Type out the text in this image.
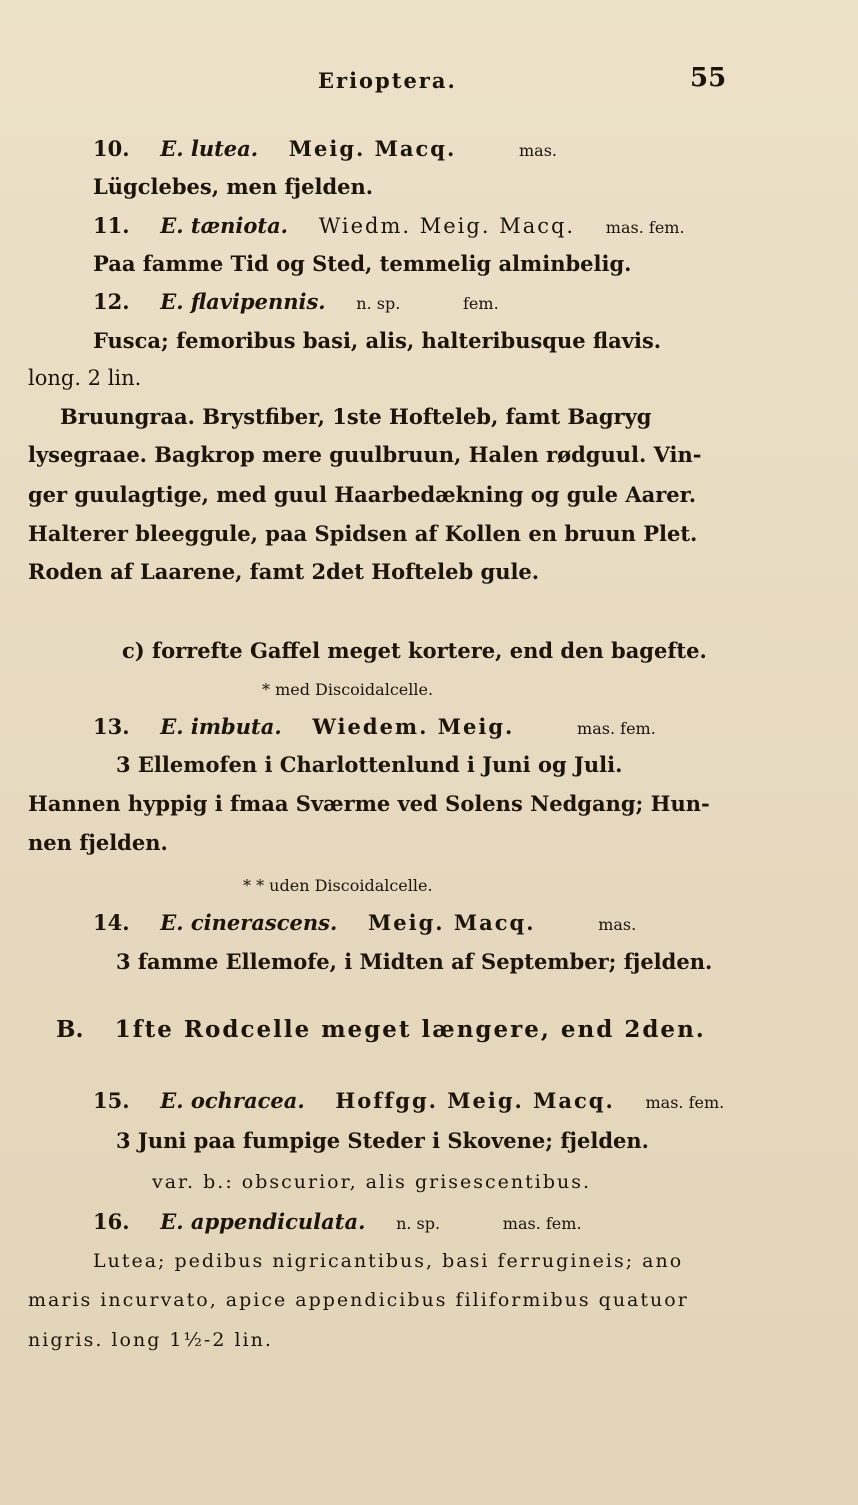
Erioptera.	55
10. E. lutea. Meig. Macq.	mas.
Lügclebes, men fjelden.
11. E. tæniota. Wiedm. Meig. Macq. mas. fem.
Paa famme Tid og Sted, temmelig alminbelig.
12. E. flavipennis. n. sp.	fem.
Fusca; femoribus basi, alis, halteribusque flavis.
long. 2 lin.
Bruungraa. Brystfiber, 1ste Hofteleb, famt Bagryg
lysegraae. Bagkrop mere guulbruun, Halen rødguul. Vin-
ger guulagtige, med guul Haarbedækning og gule Aarer.
Halterer bleeggule, paa Spidsen af Kollen en bruun Plet.
Roden af Laarene, famt 2det Hofteleb gule.
c) forrefte Gaffel meget kortere, end den bagefte.
* med Discoidalcelle.
13. E. imbuta. Wiedem. Meig.	mas. fem.
3 Ellemofen i Charlottenlund i Juni og Juli.
Hannen hyppig i fmaa Sværme ved Solens Nedgang; Hun-
nen fjelden.
* * uden Discoidalcelle.
14. E. cinerascens. Meig. Macq.	mas.
3 famme Ellemofe, i Midten af September; fjelden.
B. 1fte Rodcelle meget længere, end 2den.
15. E. ochracea. Hoffgg. Meig. Macq. mas. fem.
3 Juni paa fumpige Steder i Skovene; fjelden.
var. b.: obscurior, alis grisescentibus.
16. E. appendiculata. n. sp.	mas. fem.
Lutea; pedibus nigricantibus, basi ferrugineis; ano
maris incurvato, apice appendicibus filiformibus quatuor
nigris. long 1½-2 lin.
